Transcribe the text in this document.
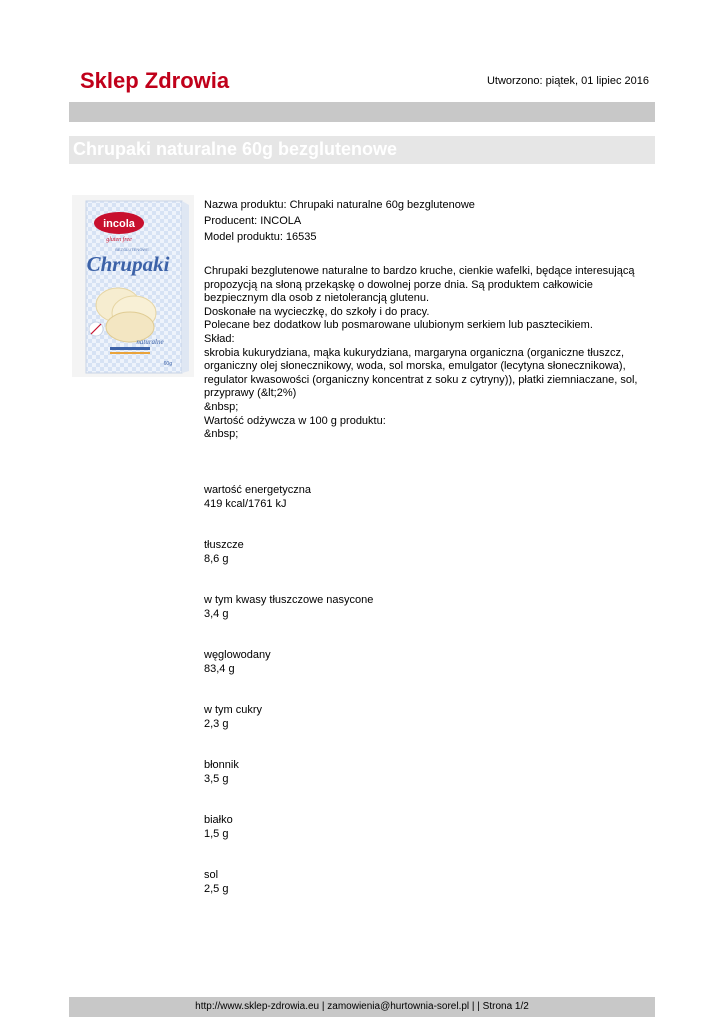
Sklep Zdrowia	Utworzono: piątek, 01 lipiec 2016
Chrupaki naturalne 60g bezglutenowe
incola
gluten free
BEZGLUTENOWE
Chrupaki
naturalne
60g

Nazwa produktu: Chrupaki naturalne 60g bezglutenowe

Producent: INCOLA

Model produktu: 16535

Chrupaki bezglutenowe naturalne to bardzo kruche, cienkie wafelki, będące interesującą propozycją na słoną przekąskę o dowolnej porze dnia. Są produktem całkowicie bezpiecznym dla osob z nietolerancją glutenu.

Doskonałe na wycieczkę, do szkoły i do pracy.

Polecane bez dodatkow lub posmarowane ulubionym serkiem lub pasztecikiem.

Skład:

skrobia kukurydziana, mąka kukurydziana, margaryna organiczna (organiczne tłuszcz, organiczny olej słonecznikowy, woda, sol morska, emulgator (lecytyna słonecznikowa), regulator kwasowości (organiczny koncentrat z soku z cytryny)), płatki ziemniaczane, sol, przyprawy (&lt;2%)

&nbsp;

Wartość odżywcza w 100 g produktu:

&nbsp;

wartość energetyczna

419 kcal/1761 kJ

tłuszcze

8,6 g

w tym kwasy tłuszczowe nasycone

3,4 g

węglowodany

83,4 g

w tym cukry

2,3 g

błonnik

3,5 g

białko

1,5 g

sol

2,5 g

http://www.sklep-zdrowia.eu | zamowienia@hurtownia-sorel.pl | | Strona 1/2
